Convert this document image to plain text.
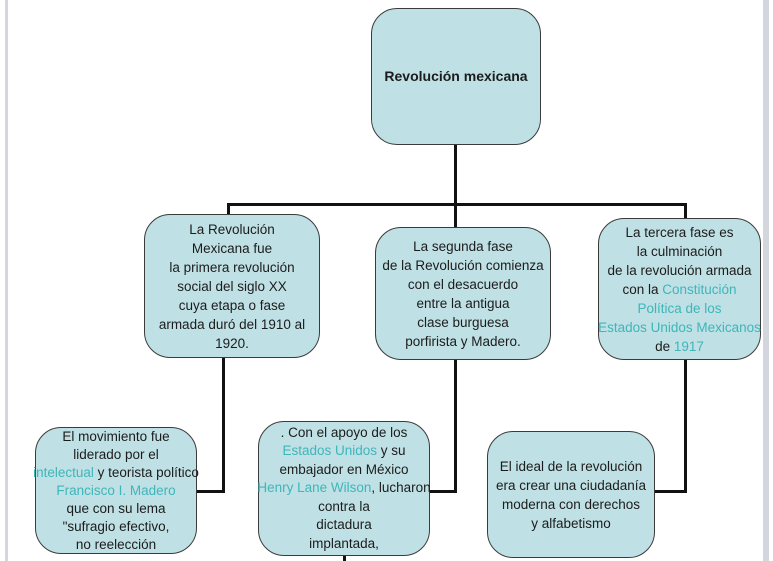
Revolución mexicana
La Revolución
Mexicana fue
la primera revolución
social del siglo XX
cuya etapa o fase
armada duró del 1910 al
1920.
La segunda fase
de la Revolución comienza
con el desacuerdo
entre la antigua
clase burguesa
porfirista y Madero.
La tercera fase es
la culminación
de la revolución armada
con la Constitución
Política de los
Estados Unidos Mexicanos
de 1917
El movimiento fue
liderado por el
intelectual y teorista político
Francisco I. Madero
que con su lema
"sufragio efectivo,
no reelección
. Con el apoyo de los
Estados Unidos y su
embajador en México
Henry Lane Wilson, lucharon
contra la
dictadura
implantada,
El ideal de la revolución
era crear una ciudadanía
moderna con derechos
y alfabetismo
